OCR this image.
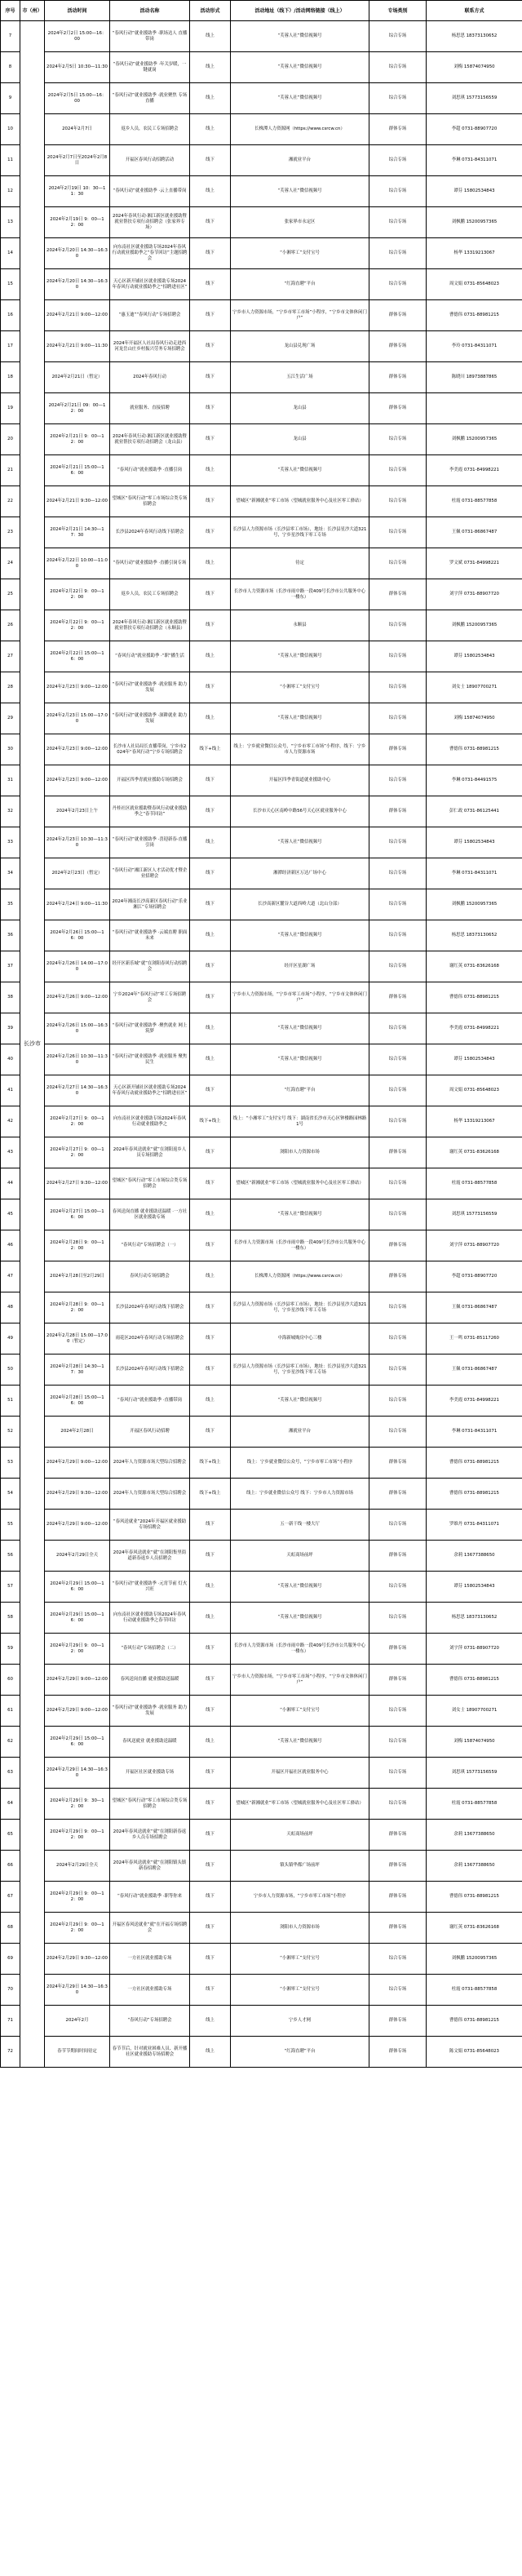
序号	市（州）	活动时间	活动名称	活动形式	活动地址（线下）/活动网络链接（线上）	专场类别	联系方式
7	长沙市	2024年2月2日 15:00—16：00	“春风行动”就业援助季 ·职场达人 直播带岗	线上	“芙蓉人社”微信视频号	综合专场	杨思思 18373130652
8		2024年2月5日 10:30—11:30	“春风行动”就业援助季 ·年关岁暖，一键就岗	线上	“芙蓉人社”微信视频号	综合专场	刘梅 15874074950
9		2024年2月5日 15:00—16：00	“春风行动”就业援助季 ·就业聚焦 专场直播	线上	“芙蓉人社”微信视频号	综合专场	刘思琪 15773156559
10		2024年2月7日	返乡人员，农民工专场招聘会	线上	长株潭人力资源网（https://www.csrcw.cn）	群体专场	李超 0731-88907720
11		2024年2月7日至2024年2月8日	开福区春风行动招聘活动	线下	湘就业平台	综合专场	李琳 0731-84311071
12		2024年2月19日 10：30—11：30	“春风行动”就业援助季 ·云上直播带岗	线上	“芙蓉人社”微信视频号	综合专场	谭芬 15802534843
13		2024年2月19日 9：00—12：00	2024年春风行动·湘江新区就业援助暨就业帮扶专项行动招聘会（张家界专场）	线下	张家界市永定区	综合专场	刘枫鹏 15200957365
14		2024年2月20日 14:30—16:30	向东南社区就业援助专场2024年春风行动就业援助季之“春节回访”主题招聘会	线下	“小湘零工”支付宝号	综合专场	杨华 13319213067
15		2024年2月20日 14:30—16:30	天心区新开铺社区就业援助专场2024年春风行动就业援助季之“招聘进社区”	线下	“红海直聘”平台	综合专场	周文娟 0731-85648023
16		2024年2月21日 9:00—12:00	“惠玉迪”“春风行动”专场招聘会	线下	宁乡市人力资源市场，“宁乡市零工市场”小程序，“宁乡市文体休闲门户”	群体专场	曹德伟 0731-88981215
17		2024年2月21日 9:00—11:30	2024年开福区人社局春风行动走进西河龙岳山庄乡村振兴劳务专场招聘会	线下	龙山县兑现广场	群体专场	李玲 0731-84311071
18		2024年2月21日（暂定）	2024年春风行动	线下	五江生活广场	群体专场	陈晓川 18973887865
19		2024年2月21日 09：00—12：00	就业服务、直接招聘	线下	龙山县	群体专场	
20		2024年2月21日 9：00—12：00	2024年春风行动·湘江新区就业援助暨就业帮扶专项行动招聘会（龙山县）	线下	龙山县	综合专场	刘枫鹏 15200957365
21		2024年2月21日 15:00—16：00	“春风行动”就业援助季 ·直播引岗	线上	“芙蓉人社”微信视频号	综合专场	李美霞 0731-84998221
22		2024年2月21日 9:30—12:00	望城区“春风行动”零工市场综合类专场招聘会	线下	望城区“新湘就业”零工市场（望城就业服务中心及社区零工驿站）	综合专场	杜霞 0731-88577858
23		2024年2月21日 14:30—17：30	长沙县2024年春风行动线下招聘会	线下	长沙县人力资源市场（长沙县零工市场），地址：长沙县星沙大道321号，宁乡星沙线下零工专场	综合专场	王佩 0731-86867487
24		2024年2月22日 10:00—11:00	“春风行动”就业援助季 ·直播引岗专场	线上	待定	综合专场	罗文斌 0731-84998221
25		2024年2月22日 9：00—12：00	返乡人员，农民工专场招聘会	线下	长沙市人力资源市场（长沙市雨中路一段409号长沙市公共服务中心一楼东）	群体专场	刘宇萍 0731-88907720
26		2024年2月22日 9：00—12：00	2024年春风行动·湘江新区就业援助暨就业帮扶专项行动招聘会（永顺县）	线下	永顺县	综合专场	刘枫鹏 15200957365
27		2024年2月22日 15:00—16：00	“春风行动”就业援助季 ·“职”播生活	线上	“芙蓉人社”微信视频号	综合专场	谭芬 15802534843
28		2024年2月23日 9:00—12:00	“春风行动”就业援助季 ·就业服务 助力发展	线下	“小湘零工”支付宝号	综合专场	刘女士 18907700271
29		2024年2月23日 15:00—17:00	“春风行动”就业援助季 ·深耕就业 助力发展	线上	“芙蓉人社”微信视频号	综合专场	刘梅 15874074950
30		2024年2月23日 9:00—12:00	长沙市人社局局长直播带岗，宁乡市2024年“春风行动”宁乡专场招聘会	线下+线上	线上：宁乡就业微信公众号，“宁乡市零工市场”小程序，线下：宁乡市人力资源市场	群体专场	曹德伟 0731-88981215
31		2024年2月23日 9:00—12:00	开福区四季青就业援助专场招聘会	线下	开福区四季青街道就业援助中心	综合专场	李琳 0731-84491575
32		2024年2月23日上午	丹桂社区就业援助暨春风行动就业援助季之“春节回访”	线下	长沙市天心区南岭中路56号天心区就业服务中心	群体专场	彭仁政 0731-86125441
33		2024年2月23日 10:30—11:30	“春风行动”就业援助季 ·喜迎新春·直播引岗	线上	“芙蓉人社”微信视频号	综合专场	谭芬 15802534843
34		2024年2月23日（暂定）	“春风行动”湘江新区人才活动优才暨企业招聘会	线下	湘潭经济新区万达广场中心	综合专场	李琳 0731-84311071
35		2024年2月24日 9:00—11:30	2024年湘南长沙高新区春风行动“乐业湘江”专场招聘会	线下	长沙高新区麓谷大道西岭大道（北山分部）	综合专场	刘枫鹏 15200957365
36		2024年2月26日 15:00—16：00	“春风行动”就业援助季 ·云端直聘 职面未来	线上	“芙蓉人社”微信视频号	综合专场	杨思思 18373130652
37		2024年2月26日 14:00—17:00	经开区新乐城“就”在浏阳春风行动招聘会	线下	经开区星湖广场	综合专场	谢红英 0731-83626168
38		2024年2月26日 9:00—12:00	宁乡2024年“春风行动”零工专场招聘会	线下	宁乡市人力资源市场，“宁乡市零工市场”小程序，“宁乡市文体休闲门户”	群体专场	曹德伟 0731-88981215
39		2024年2月26日 15:00—16:30	“春风行动”就业援助季 ·聚焦就业 网上筑梦	线上	“芙蓉人社”微信视频号	综合专场	李美霞 0731-84998221
40		2024年2月26日 10:30—11:30	“春风行动”就业援助季 ·就业服务 聚焦民生	线上	“芙蓉人社”微信视频号	综合专场	谭芬 15802534843
41		2024年2月27日 14:30—16:30	天心区新开铺社区就业援助专场2024年春风行动就业援助季之“招聘进社区”	线下	“红海直聘”平台	综合专场	周文娟 0731-85648023
42		2024年2月27日 9：00—12：00	向东南社区就业援助专场2024年春风行动就业援助季之	线下+线上	线上：“小湘零工”支付宝号 线下：湖南省长沙市天心区钟楼路园林路1号	综合专场	杨华 13319213067
43		2024年2月27日 9：00—12：00	2024年春风送就业“就”在浏阳返乡人员专场招聘会	线下	浏阳市人力资源市场	群体专场	谢红英 0731-83626168
44		2024年2月27日 9:30—12:00	望城区“春风行动”零工市场综合类专场招聘会	线下	望城区“新湘就业”零工市场（望城就业服务中心及社区零工驿站）	综合专场	杜霞 0731-88577858
45		2024年2月27日 15:00—16：00	春风送岗直播 就业援助送温暖 ·一方社区就业援助专场	线上	“芙蓉人社”微信视频号	综合专场	刘思琪 15773156559
46		2024年2月28日 9：00—12：00	“春风行动”专场招聘会（一）	线下	长沙市人力资源市场（长沙市雨中路一段409号长沙市公共服务中心一楼东）	群体专场	刘宇萍 0731-88907720
47		2024年2月28日至2月29日	春风行动专场招聘会	线上	长株潭人力资源网（https://www.csrcw.cn）	群体专场	李超 0731-88907720
48		2024年2月28日 9：00—12：00	长沙县2024年春风行动线下招聘会	线下	长沙县人力资源市场（长沙县零工市场），地址：长沙县星沙大道321号，宁乡星沙线下零工专场	综合专场	王佩 0731-86867487
49		2024年2月28日 15:00—17:00（暂定）	雨花区2024年春风行动专场招聘会	线下	中海新城购房中心三楼	综合专场	王一鸣 0731-85117260
50		2024年2月28日 14:30—17：30	长沙县2024年春风行动线下招聘会	线下	长沙县人力资源市场（长沙县零工市场），地址：长沙县星沙大道321号，宁乡星沙线下零工专场	综合专场	王佩 0731-86867487
51		2024年2月28日 15:00—16：00	“春风行动”就业援助季 ·直播带岗	线上	“芙蓉人社”微信视频号	综合专场	李美霞 0731-84998221
52		2024年2月28日	开福区春风行动招聘	线下	湘就业平台	综合专场	李琳 0731-84311071
53		2024年2月29日 9:00—12:00	2024年人力资源市场大型综合招聘会	线下+线上	线上：宁乡就业微信公众号，“宁乡市零工市场”小程序	群体专场	曹德伟 0731-88981215
54		2024年2月29日 9:30—12:00	2024年人力资源市场大型综合招聘会	线下+线上	线上：宁乡就业微信公众号 线下：宁乡市人力资源市场	群体专场	曹德伟 0731-88981215
55		2024年2月29日 9:00—12:00	“春风送就业”2024年开福区就业援助专场招聘会	线下	五一新干线一楼大厅	综合专场	罗维丹 0731-84311071
56		2024年2月29日全天	2024年春风送就业“就”在浏阳集里街道新春返乡人员招聘会	线下	天虹商场前坪	群体专场	余莉 13677388650
57		2024年2月29日 15:00—16：00	“春风行动”就业援助季 ·元宵节前 灯火兴旺	线上	“芙蓉人社”微信视频号	综合专场	谭芬 15802534843
58		2024年2月29日 15:00—16：00	向东南社区就业援助专场2024年春风行动就业援助季之春节回访	线上	“芙蓉人社”微信视频号	综合专场	杨思思 18373130652
59		2024年2月29日 9：00—12：00	“春风行动”专场招聘会（二）	线下	长沙市人力资源市场（长沙市雨中路一段409号长沙市公共服务中心一楼东）	群体专场	刘宇萍 0731-88907720
60		2024年2月29日 9:00—12:00	春风送岗直播 就业援助送温暖	线下	宁乡市人力资源市场，“宁乡市零工市场”小程序，“宁乡市文体休闲门户”	群体专场	曹德伟 0731-88981215
61		2024年2月29日 9:00—12:00	“春风行动”就业援助季 ·就业服务 助力发展	线下	“小湘零工”支付宝号	综合专场	刘女士 18907700271
62		2024年2月29日 15:00—16：00	春风送就业 就业援助送温暖	线上	“芙蓉人社”微信视频号	综合专场	刘梅 15874074950
63		2024年2月29日 14:30—16:30	开福区社区就业援助专场	线下	开福区开福社区就业服务中心	综合专场	刘思琪 15773156559
64		2024年2月29日 9：30—12：00	望城区“春风行动”零工市场综合类专场招聘会	线下	望城区“新湘就业”零工市场（望城就业服务中心及社区零工驿站）	综合专场	杜霞 0731-88577858
65		2024年2月29日 9：00—12：00	2024年春风送就业“就”在浏阳新春返乡人员专场招聘会	线下	天虹商场前坪	群体专场	余莉 13677388650
66		2024年2月29日全天	2024年春风送就业“就”在浏阳镇头镇新春招聘会	线下	镇头镇华都广场前坪	群体专场	余莉 13677388650
67		2024年2月29日 9：00—12：00	“春风行动”就业援助季 ·职等你来	线下	宁乡市人力资源市场，“宁乡市零工市场”小程序	群体专场	曹德伟 0731-88981215
68		2024年2月29日 9：00—12：00	开福区春风送就业“就”在开福专场招聘会	线下	浏阳市人力资源市场	群体专场	谢红英 0731-83626168
69		2024年2月29日 9:30—12:00	一方社区就业援助专场	线下	“小湘零工”支付宝号	综合专场	刘枫鹏 15200957365
70		2024年2月29日 14:30—16:30	一方社区就业援助专场	线下	“小湘零工”支付宝号	综合专场	杜霞 0731-88577858
71		2024年2月	“春风行动”专场招聘会	线上	宁乡人才网	群体专场	曹德伟 0731-88981215
72		春节节期间时间待定	春节节后，针对就业困难人员、新开播社区就业援助专场招聘会	线上	“红海直聘”平台	群体专场	陈文娟 0731-85648023
